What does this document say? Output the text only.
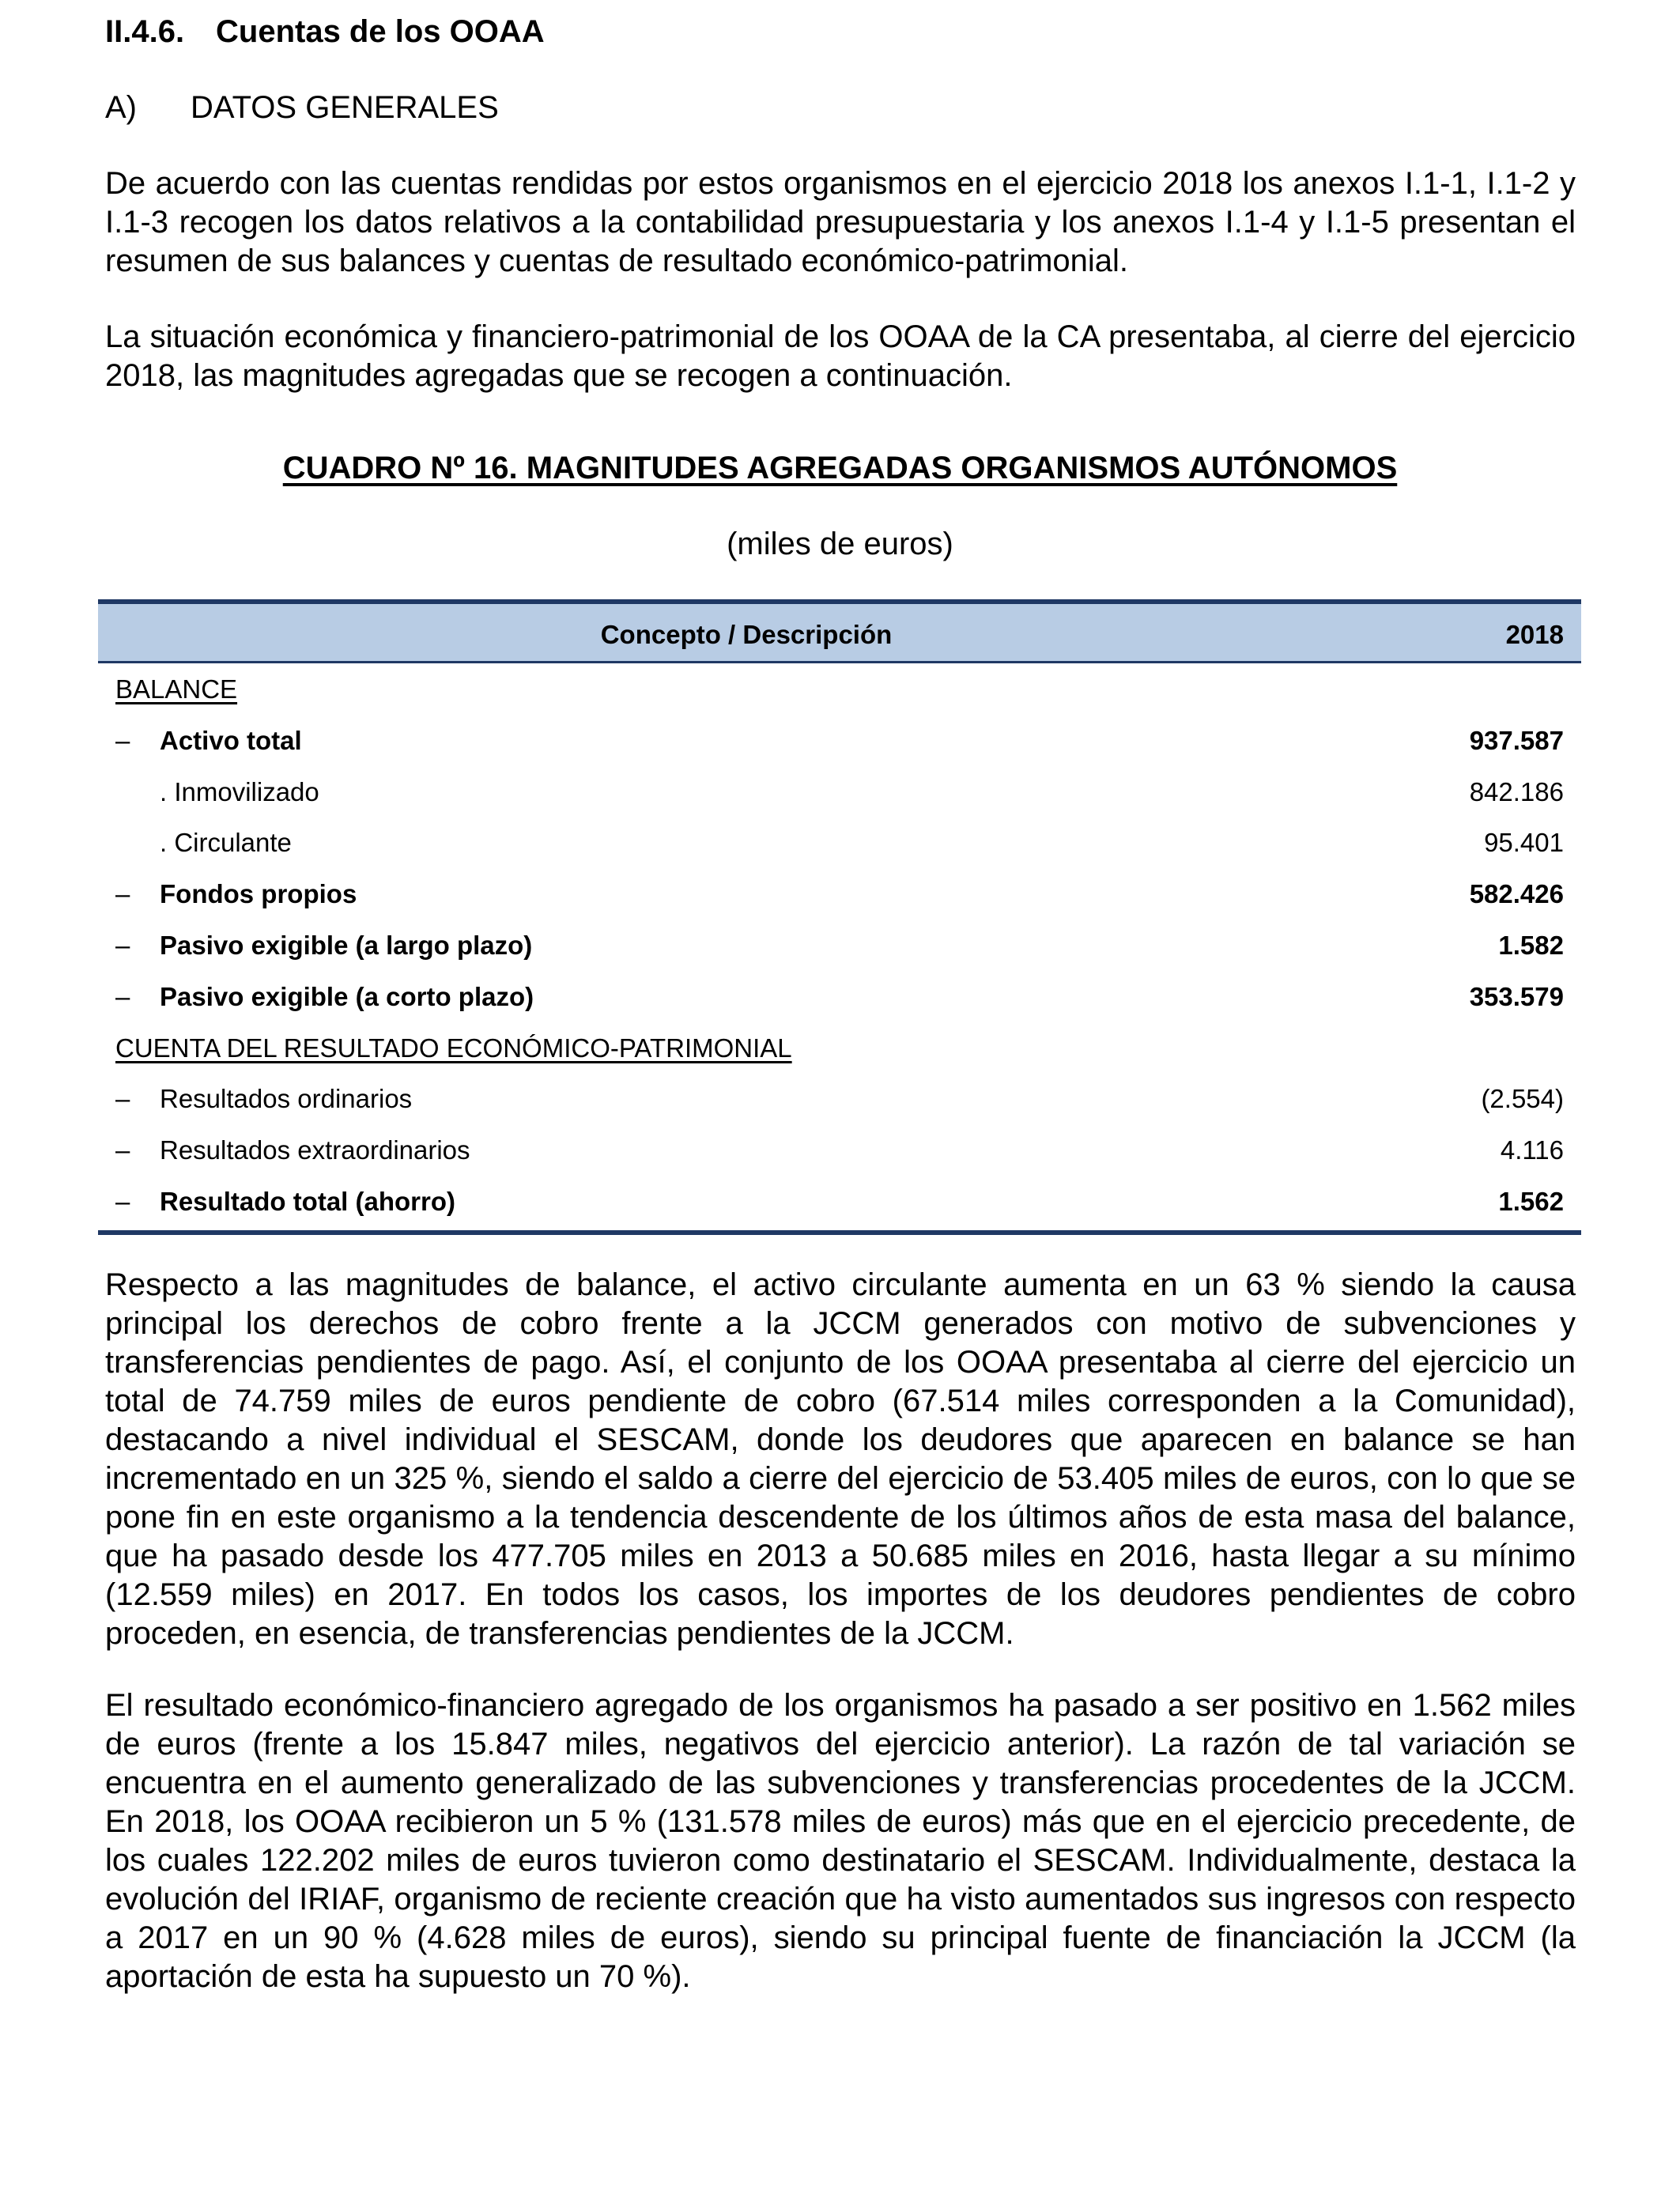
II.4.6. Cuentas de los OOAA
A) DATOS GENERALES
De acuerdo con las cuentas rendidas por estos organismos en el ejercicio 2018 los anexos I.1-1, I.1-2 y I.1-3 recogen los datos relativos a la contabilidad presupuestaria y los anexos I.1-4 y I.1-5 presentan el resumen de sus balances y cuentas de resultado económico-patrimonial.
La situación económica y financiero-patrimonial de los OOAA de la CA presentaba, al cierre del ejercicio 2018, las magnitudes agregadas que se recogen a continuación.
CUADRO Nº 16. MAGNITUDES AGREGADAS ORGANISMOS AUTÓNOMOS
(miles de euros)
Concepto / Descripción	2018
BALANCE
–	Activo total	937.587
. Inmovilizado	842.186
. Circulante	95.401
–	Fondos propios	582.426
–	Pasivo exigible (a largo plazo)	1.582
–	Pasivo exigible (a corto plazo)	353.579
CUENTA DEL RESULTADO ECONÓMICO-PATRIMONIAL
–	Resultados ordinarios	(2.554)
–	Resultados extraordinarios	4.116
–	Resultado total (ahorro)	1.562
Respecto a las magnitudes de balance, el activo circulante aumenta en un 63 % siendo la causa principal los derechos de cobro frente a la JCCM generados con motivo de subvenciones y transferencias pendientes de pago. Así, el conjunto de los OOAA presentaba al cierre del ejercicio un total de 74.759 miles de euros pendiente de cobro (67.514 miles corresponden a la Comunidad), destacando a nivel individual el SESCAM, donde los deudores que aparecen en balance se han incrementado en un 325 %, siendo el saldo a cierre del ejercicio de 53.405 miles de euros, con lo que se pone fin en este organismo a la tendencia descendente de los últimos años de esta masa del balance, que ha pasado desde los 477.705 miles en 2013 a 50.685 miles en 2016, hasta llegar a su mínimo (12.559 miles) en 2017. En todos los casos, los importes de los deudores pendientes de cobro proceden, en esencia, de transferencias pendientes de la JCCM.
El resultado económico-financiero agregado de los organismos ha pasado a ser positivo en 1.562 miles de euros (frente a los 15.847 miles, negativos del ejercicio anterior). La razón de tal variación se encuentra en el aumento generalizado de las subvenciones y transferencias procedentes de la JCCM. En 2018, los OOAA recibieron un 5 % (131.578 miles de euros) más que en el ejercicio precedente, de los cuales 122.202 miles de euros tuvieron como destinatario el SESCAM. Individualmente, destaca la evolución del IRIAF, organismo de reciente creación que ha visto aumentados sus ingresos con respecto a 2017 en un 90 % (4.628 miles de euros), siendo su principal fuente de financiación la JCCM (la aportación de esta ha supuesto un 70 %).
